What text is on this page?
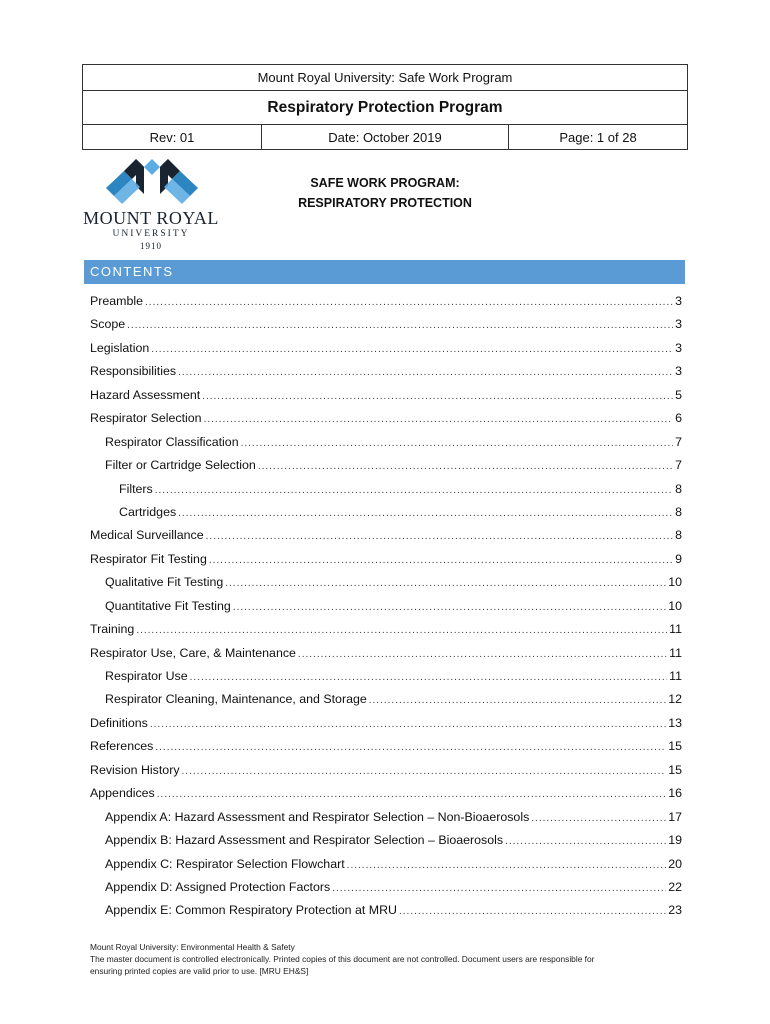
Mount Royal University: Safe Work Program
Respiratory Protection Program
Rev: 01	Date: October 2019	Page: 1 of 28
MOUNT ROYAL
UNIVERSITY
1910
SAFE WORK PROGRAM:
RESPIRATORY PROTECTION
CONTENTS
Preamble .....	3
Scope .....	3
Legislation .....	3
Responsibilities .....	3
Hazard Assessment .....	5
Respirator Selection .....	6
Respirator Classification .....	7
Filter or Cartridge Selection .....	7
Filters .....	8
Cartridges .....	8
Medical Surveillance .....	8
Respirator Fit Testing .....	9
Qualitative Fit Testing .....	10
Quantitative Fit Testing .....	10
Training .....	11
Respirator Use, Care, & Maintenance .....	11
Respirator Use .....	11
Respirator Cleaning, Maintenance, and Storage .....	12
Definitions .....	13
References .....	15
Revision History .....	15
Appendices .....	16
Appendix A: Hazard Assessment and Respirator Selection – Non-Bioaerosols .....	17
Appendix B: Hazard Assessment and Respirator Selection – Bioaerosols .....	19
Appendix C: Respirator Selection Flowchart .....	20
Appendix D: Assigned Protection Factors .....	22
Appendix E: Common Respiratory Protection at MRU .....	23
Mount Royal University: Environmental Health & Safety
The master document is controlled electronically. Printed copies of this document are not controlled. Document users are responsible for
ensuring printed copies are valid prior to use. [MRU EH&S]
